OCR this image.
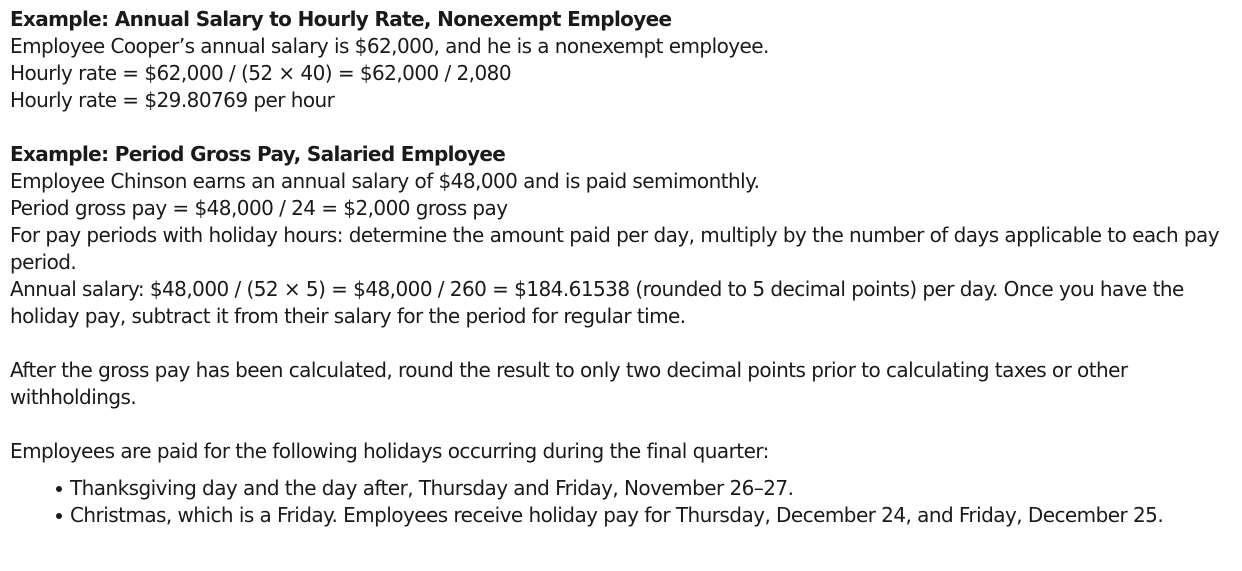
Example: Annual Salary to Hourly Rate, Nonexempt Employee
Employee Cooper’s annual salary is $62,000, and he is a nonexempt employee.
Hourly rate = $62,000 / (52 × 40) = $62,000 / 2,080
Hourly rate = $29.80769 per hour
Example: Period Gross Pay, Salaried Employee
Employee Chinson earns an annual salary of $48,000 and is paid semimonthly.
Period gross pay = $48,000 / 24 = $2,000 gross pay
For pay periods with holiday hours: determine the amount paid per day, multiply by the number of days applicable to each pay period.
Annual salary: $48,000 / (52 × 5) = $48,000 / 260 = $184.61538 (rounded to 5 decimal points) per day. Once you have the holiday pay, subtract it from their salary for the period for regular time.
After the gross pay has been calculated, round the result to only two decimal points prior to calculating taxes or other withholdings.
Employees are paid for the following holidays occurring during the final quarter:
Thanksgiving day and the day after, Thursday and Friday, November 26–27.
Christmas, which is a Friday. Employees receive holiday pay for Thursday, December 24, and Friday, December 25.
